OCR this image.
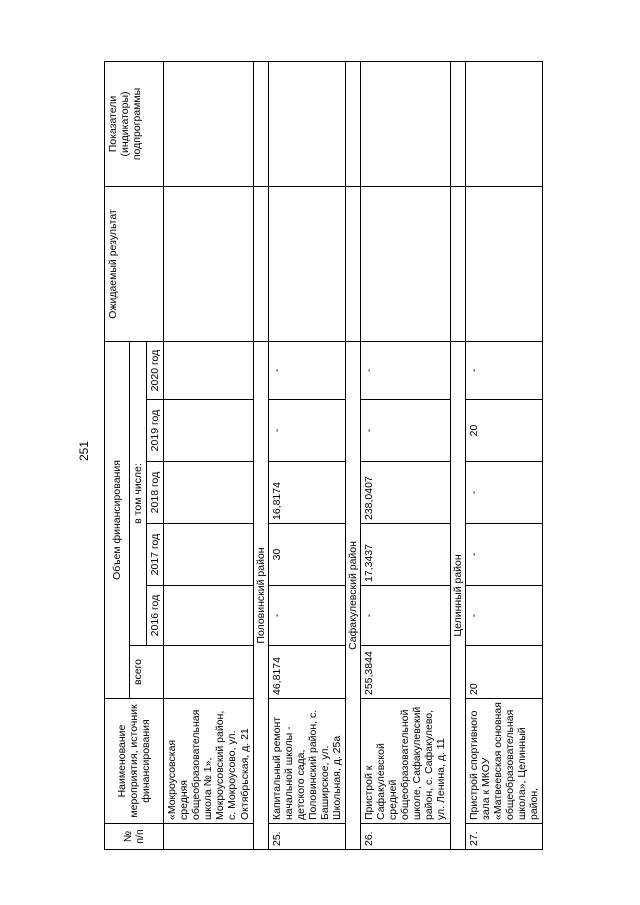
251
№ п/п	Наименование мероприятия, источник финансирования	Объем финансирования						Ожидаемый результат	Показатели (индикаторы) подпрограммы
		всего	в том числе:						
			2016 год	2017 год	2018 год	2019 год	2020 год		
	«Мокроусовская средняя общеобразовательная школа № 1», Мокроусовский район, с. Мокроусово, ул. Октябрьская, д. 21								
Половинский район									
25.	Капитальный ремонт начальной школы - детского сада, Половинский район, с. Баширское, ул. Школьная, д. 25а	46,8174	-	30	16,8174	-	-		
Сафакулевский район									
26.	Пристрой к Сафакулевской средней общеобразовательной школе, Сафакулевский район, с. Сафакулево, ул. Ленина, д. 11	255,3844	-	17,3437	238,0407	-	-		
Целинный район									
27.	Пристрой спортивного зала к МКОУ «Матвеевская основная общеобразовательная школа», Целинный район,	20	-	-	-	20	-		
